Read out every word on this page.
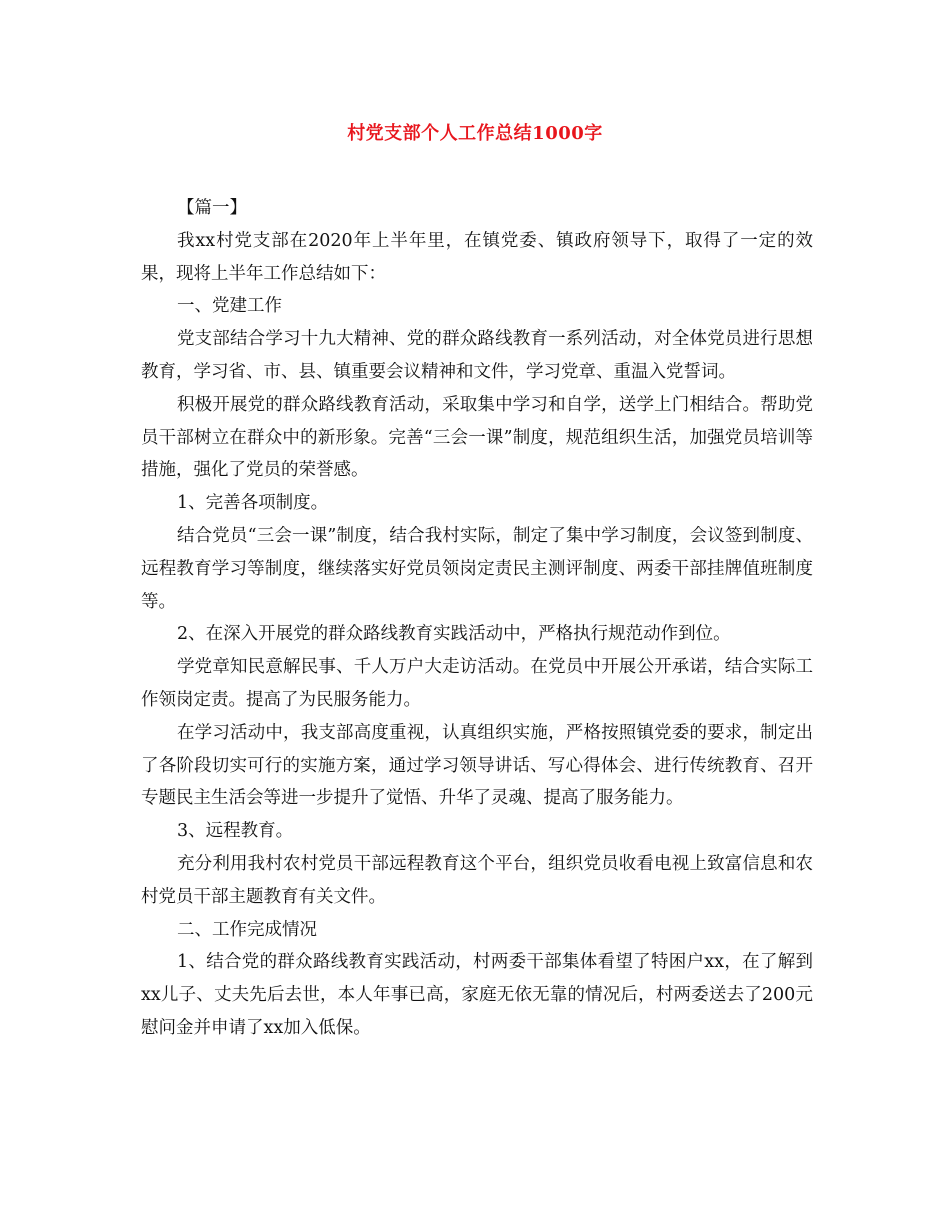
村党支部个人工作总结1000字

【篇一】

我xx村党支部在2020年上半年里，在镇党委、镇政府领导下，取得了一定的效果，现将上半年工作总结如下：

一、党建工作

党支部结合学习十九大精神、党的群众路线教育一系列活动，对全体党员进行思想教育，学习省、市、县、镇重要会议精神和文件，学习党章、重温入党誓词。

积极开展党的群众路线教育活动，采取集中学习和自学，送学上门相结合。帮助党员干部树立在群众中的新形象。完善“三会一课”制度，规范组织生活，加强党员培训等措施，强化了党员的荣誉感。

1、完善各项制度。

结合党员“三会一课”制度，结合我村实际，制定了集中学习制度，会议签到制度、远程教育学习等制度，继续落实好党员领岗定责民主测评制度、两委干部挂牌值班制度等。

2、在深入开展党的群众路线教育实践活动中，严格执行规范动作到位。

学党章知民意解民事、千人万户大走访活动。在党员中开展公开承诺，结合实际工作领岗定责。提高了为民服务能力。

在学习活动中，我支部高度重视，认真组织实施，严格按照镇党委的要求，制定出了各阶段切实可行的实施方案，通过学习领导讲话、写心得体会、进行传统教育、召开专题民主生活会等进一步提升了觉悟、升华了灵魂、提高了服务能力。

3、远程教育。

充分利用我村农村党员干部远程教育这个平台，组织党员收看电视上致富信息和农村党员干部主题教育有关文件。

二、工作完成情况

1、结合党的群众路线教育实践活动，村两委干部集体看望了特困户xx，在了解到xx儿子、丈夫先后去世，本人年事已高，家庭无依无靠的情况后，村两委送去了200元慰问金并申请了xx加入低保。
